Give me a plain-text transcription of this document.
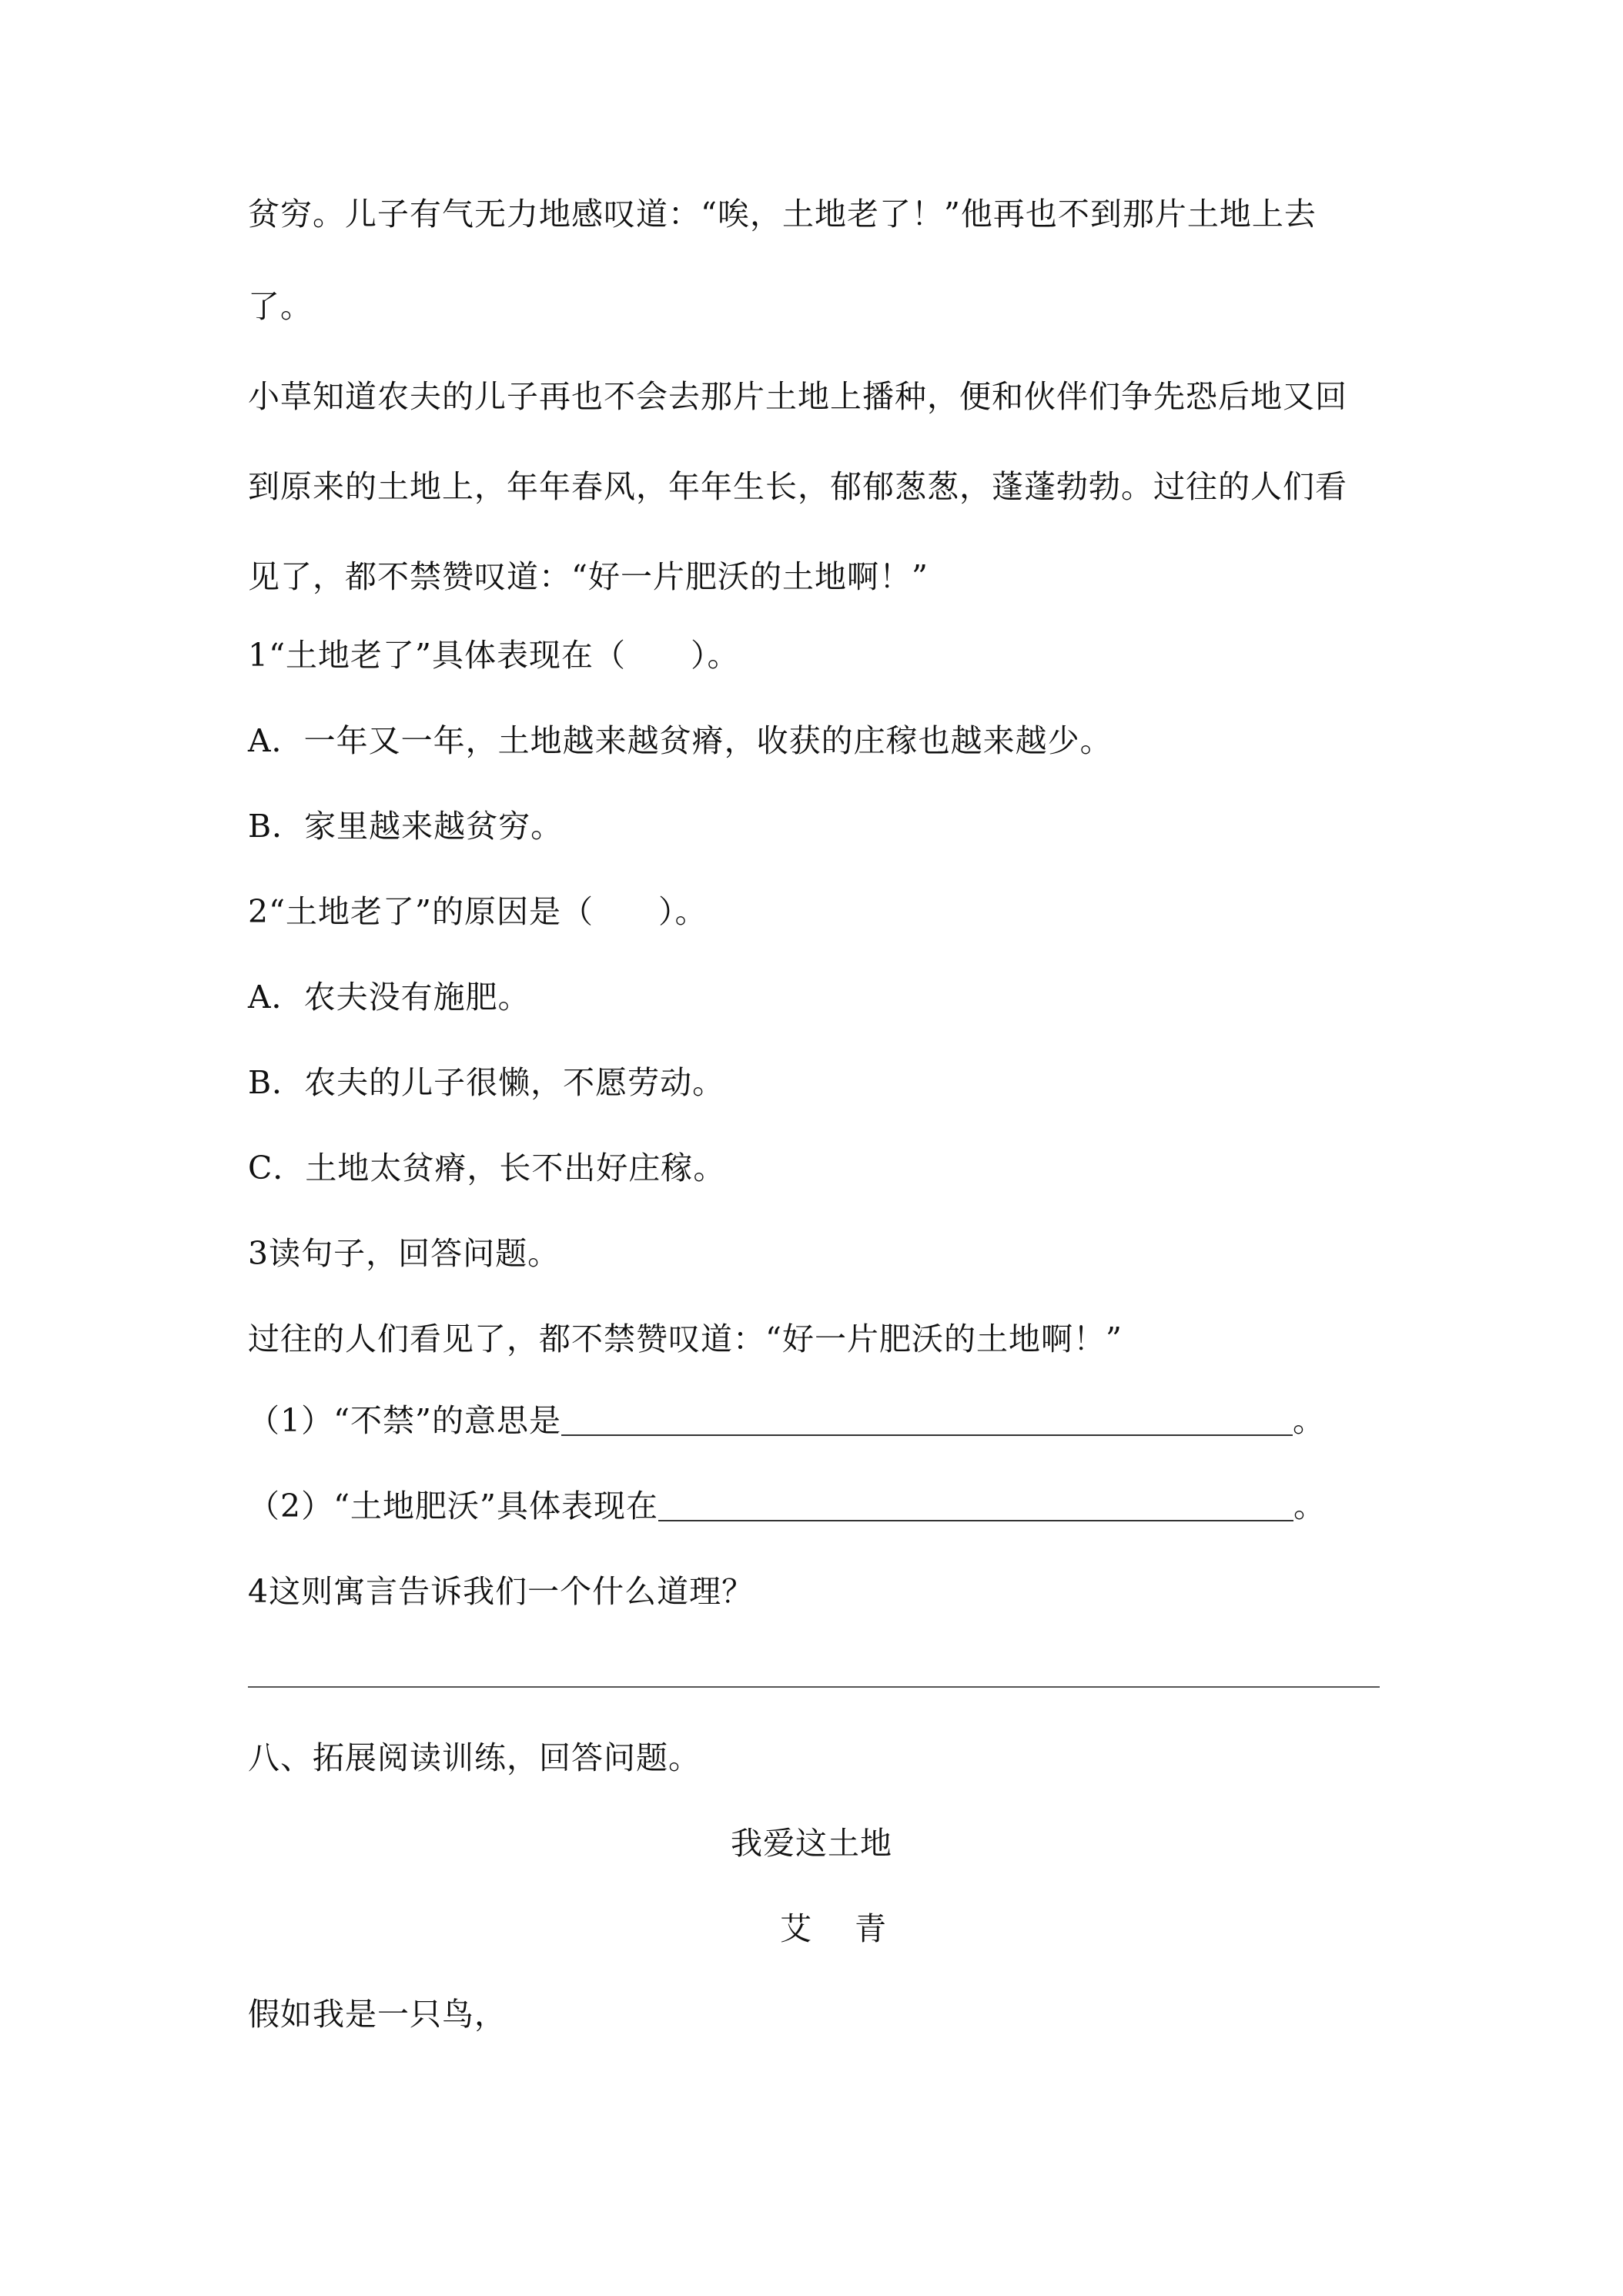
贫穷。儿子有气无力地感叹道：“唉，土地老了！”他再也不到那片土地上去
了。
小草知道农夫的儿子再也不会去那片土地上播种，便和伙伴们争先恐后地又回
到原来的土地上，年年春风，年年生长，郁郁葱葱，蓬蓬勃勃。过往的人们看
见了，都不禁赞叹道：“好一片肥沃的土地啊！”
1“土地老了”具体表现在（　　）。
A．一年又一年，土地越来越贫瘠，收获的庄稼也越来越少。
B．家里越来越贫穷。
2“土地老了”的原因是（　　）。
A．农夫没有施肥。
B．农夫的儿子很懒，不愿劳动。
C．土地太贫瘠，长不出好庄稼。
3读句子，回答问题。
过往的人们看见了，都不禁赞叹道：“好一片肥沃的土地啊！”
（1）“不禁”的意思是	。
（2）“土地肥沃”具体表现在	。
4这则寓言告诉我们一个什么道理？
八、拓展阅读训练，回答问题。
我爱这土地
艾青
假如我是一只鸟，
